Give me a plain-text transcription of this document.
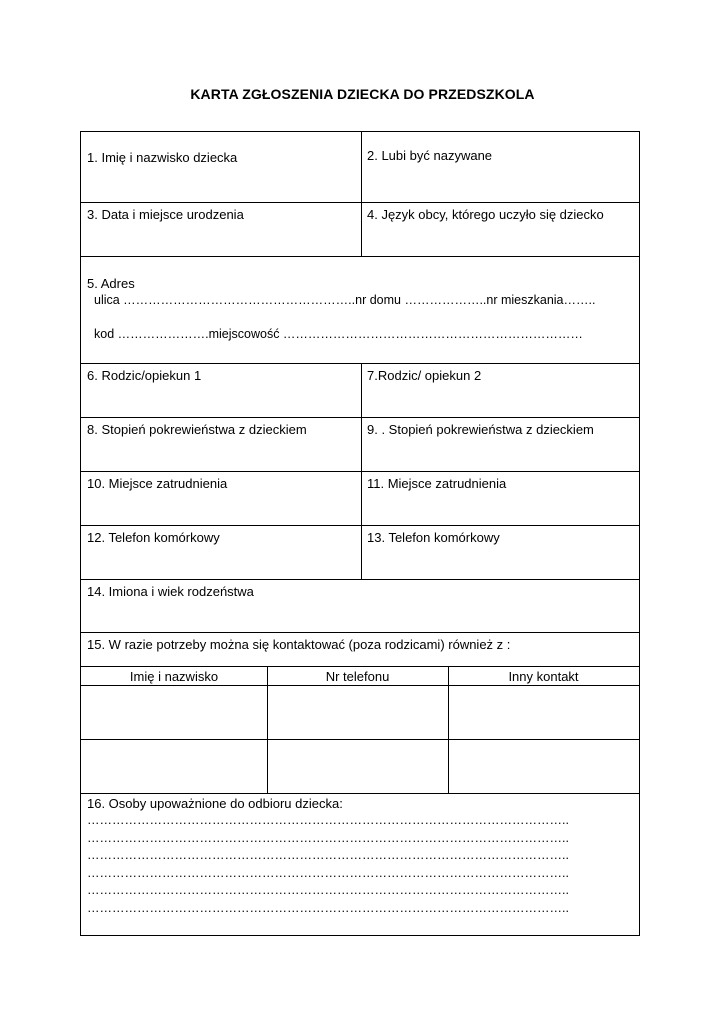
KARTA ZGŁOSZENIA DZIECKA DO PRZEDSZKOLA
1. Imię i nazwisko dziecka	2. Lubi być nazywane
3. Data i miejsce urodzenia	4. Język obcy, którego uczyło się dziecko
5. Adres
ulica ………………………………………………..nr domu ………………..nr mieszkania……..
kod ………………….miejscowość ………………………………………………………………
6. Rodzic/opiekun 1	7.Rodzic/ opiekun 2
8. Stopień pokrewieństwa z dzieckiem	9. . Stopień pokrewieństwa z dzieckiem
10. Miejsce zatrudnienia	11. Miejsce zatrudnienia
12. Telefon komórkowy	13. Telefon komórkowy
14. Imiona i wiek rodzeństwa
15. W razie potrzeby można się kontaktować (poza rodzicami) również z :
Imię i nazwisko	Nr telefonu	Inny kontakt
16. Osoby upoważnione do odbioru dziecka:
……………………………………………………………………………………………………..
……………………………………………………………………………………………………..
……………………………………………………………………………………………………..
……………………………………………………………………………………………………..
……………………………………………………………………………………………………..
……………………………………………………………………………………………………..
